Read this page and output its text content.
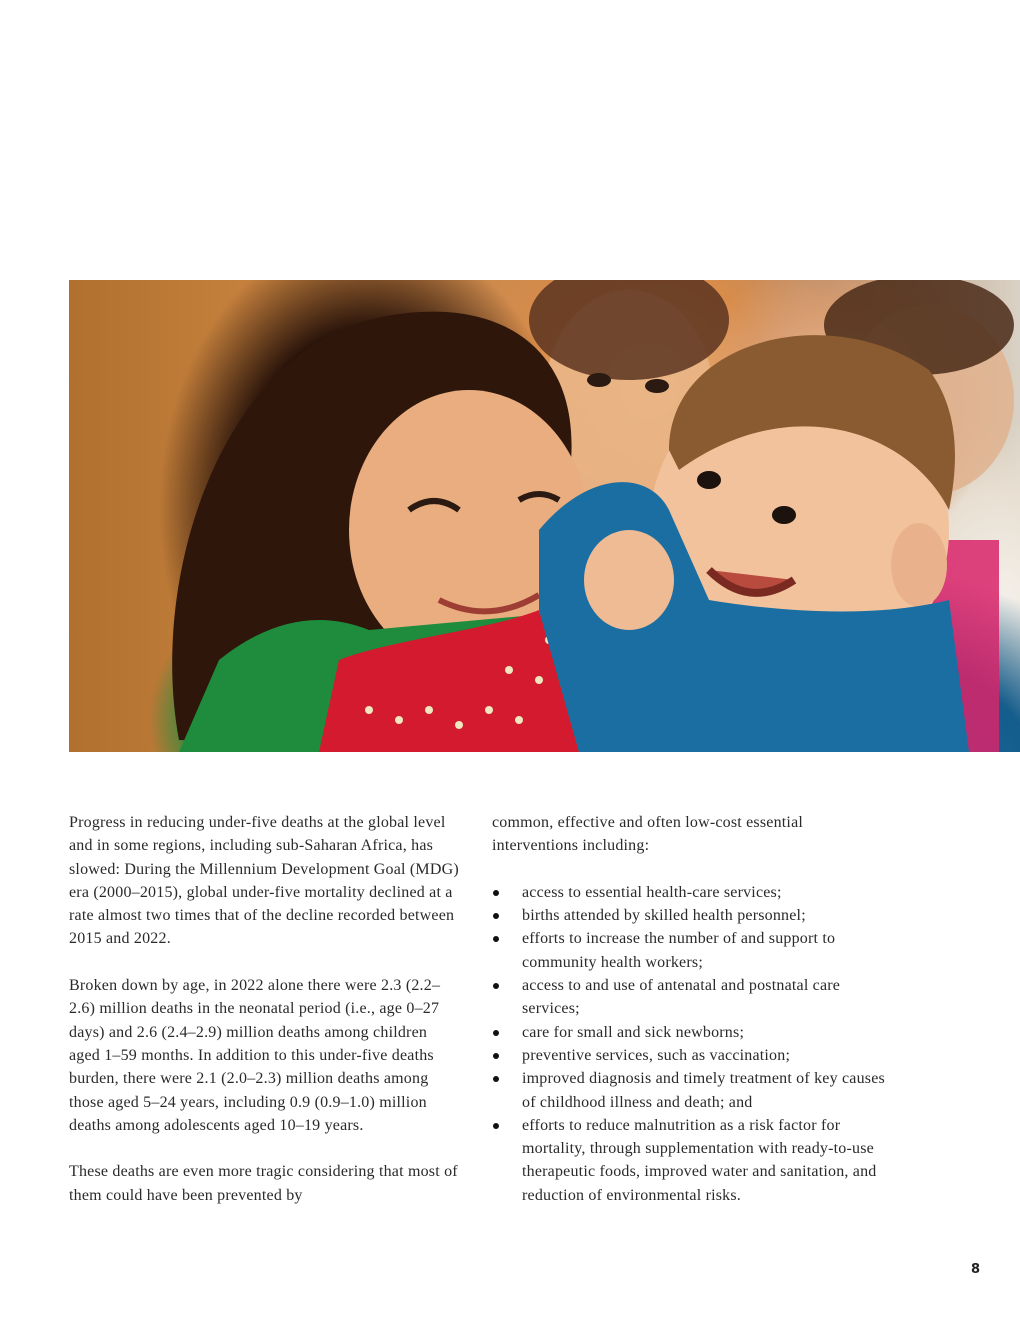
Progress in reducing under-five deaths at the global level and in some regions, including sub-Saharan Africa, has slowed: During the Millennium Development Goal (MDG) era (2000–2015), global under-five mortality declined at a rate almost two times that of the decline recorded between 2015 and 2022.

Broken down by age, in 2022 alone there were 2.3 (2.2–2.6) million deaths in the neonatal period (i.e., age 0–27 days) and 2.6 (2.4–2.9) million deaths among children aged 1–59 months. In addition to this under-five deaths burden, there were 2.1 (2.0–2.3) million deaths among those aged 5–24 years, including 0.9 (0.9–1.0) million deaths among adolescents aged 10–19 years.

These deaths are even more tragic considering that most of them could have been prevented by

common, effective and often low-cost essential interventions including:

access to essential health-care services;
births attended by skilled health personnel;
efforts to increase the number of and support to community health workers;
access to and use of antenatal and postnatal care services;
care for small and sick newborns;
preventive services, such as vaccination;
improved diagnosis and timely treatment of key causes of childhood illness and death; and
efforts to reduce malnutrition as a risk factor for mortality, through supplementation with ready-to-use therapeutic foods, improved water and sanitation, and reduction of environmental risks.
8
